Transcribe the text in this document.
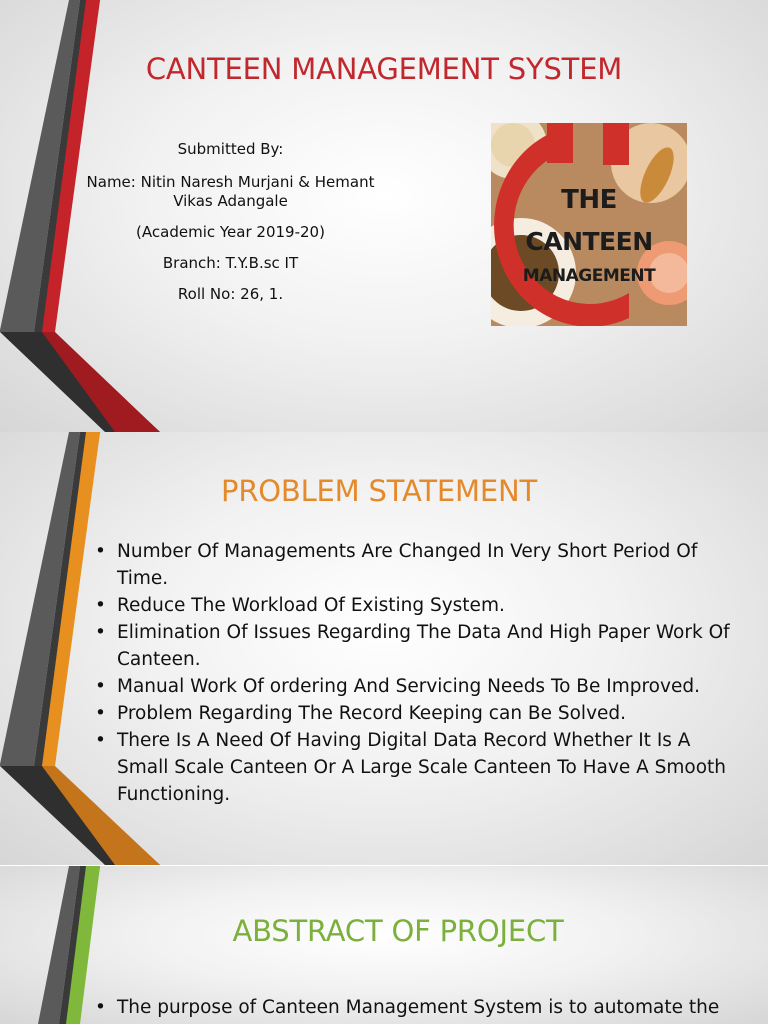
CANTEEN MANAGEMENT SYSTEM
Submitted By:
Name: Nitin Naresh Murjani & Hemant
Vikas Adangale
(Academic Year 2019-20)
Branch: T.Y.B.sc IT
Roll No: 26, 1.
THE
CANTEEN
MANAGEMENT
PROBLEM STATEMENT
• Number Of Managements Are Changed In Very Short Period Of Time.
• Reduce The Workload Of Existing System.
• Elimination Of Issues Regarding The Data And High Paper Work Of Canteen.
• Manual Work Of ordering And Servicing Needs To Be Improved.
• Problem Regarding The Record Keeping can Be Solved.
• There Is A Need Of Having Digital Data Record Whether It Is A Small Scale Canteen Or A Large Scale Canteen To Have A Smooth Functioning.
ABSTRACT OF PROJECT
• The purpose of Canteen Management System is to automate the
